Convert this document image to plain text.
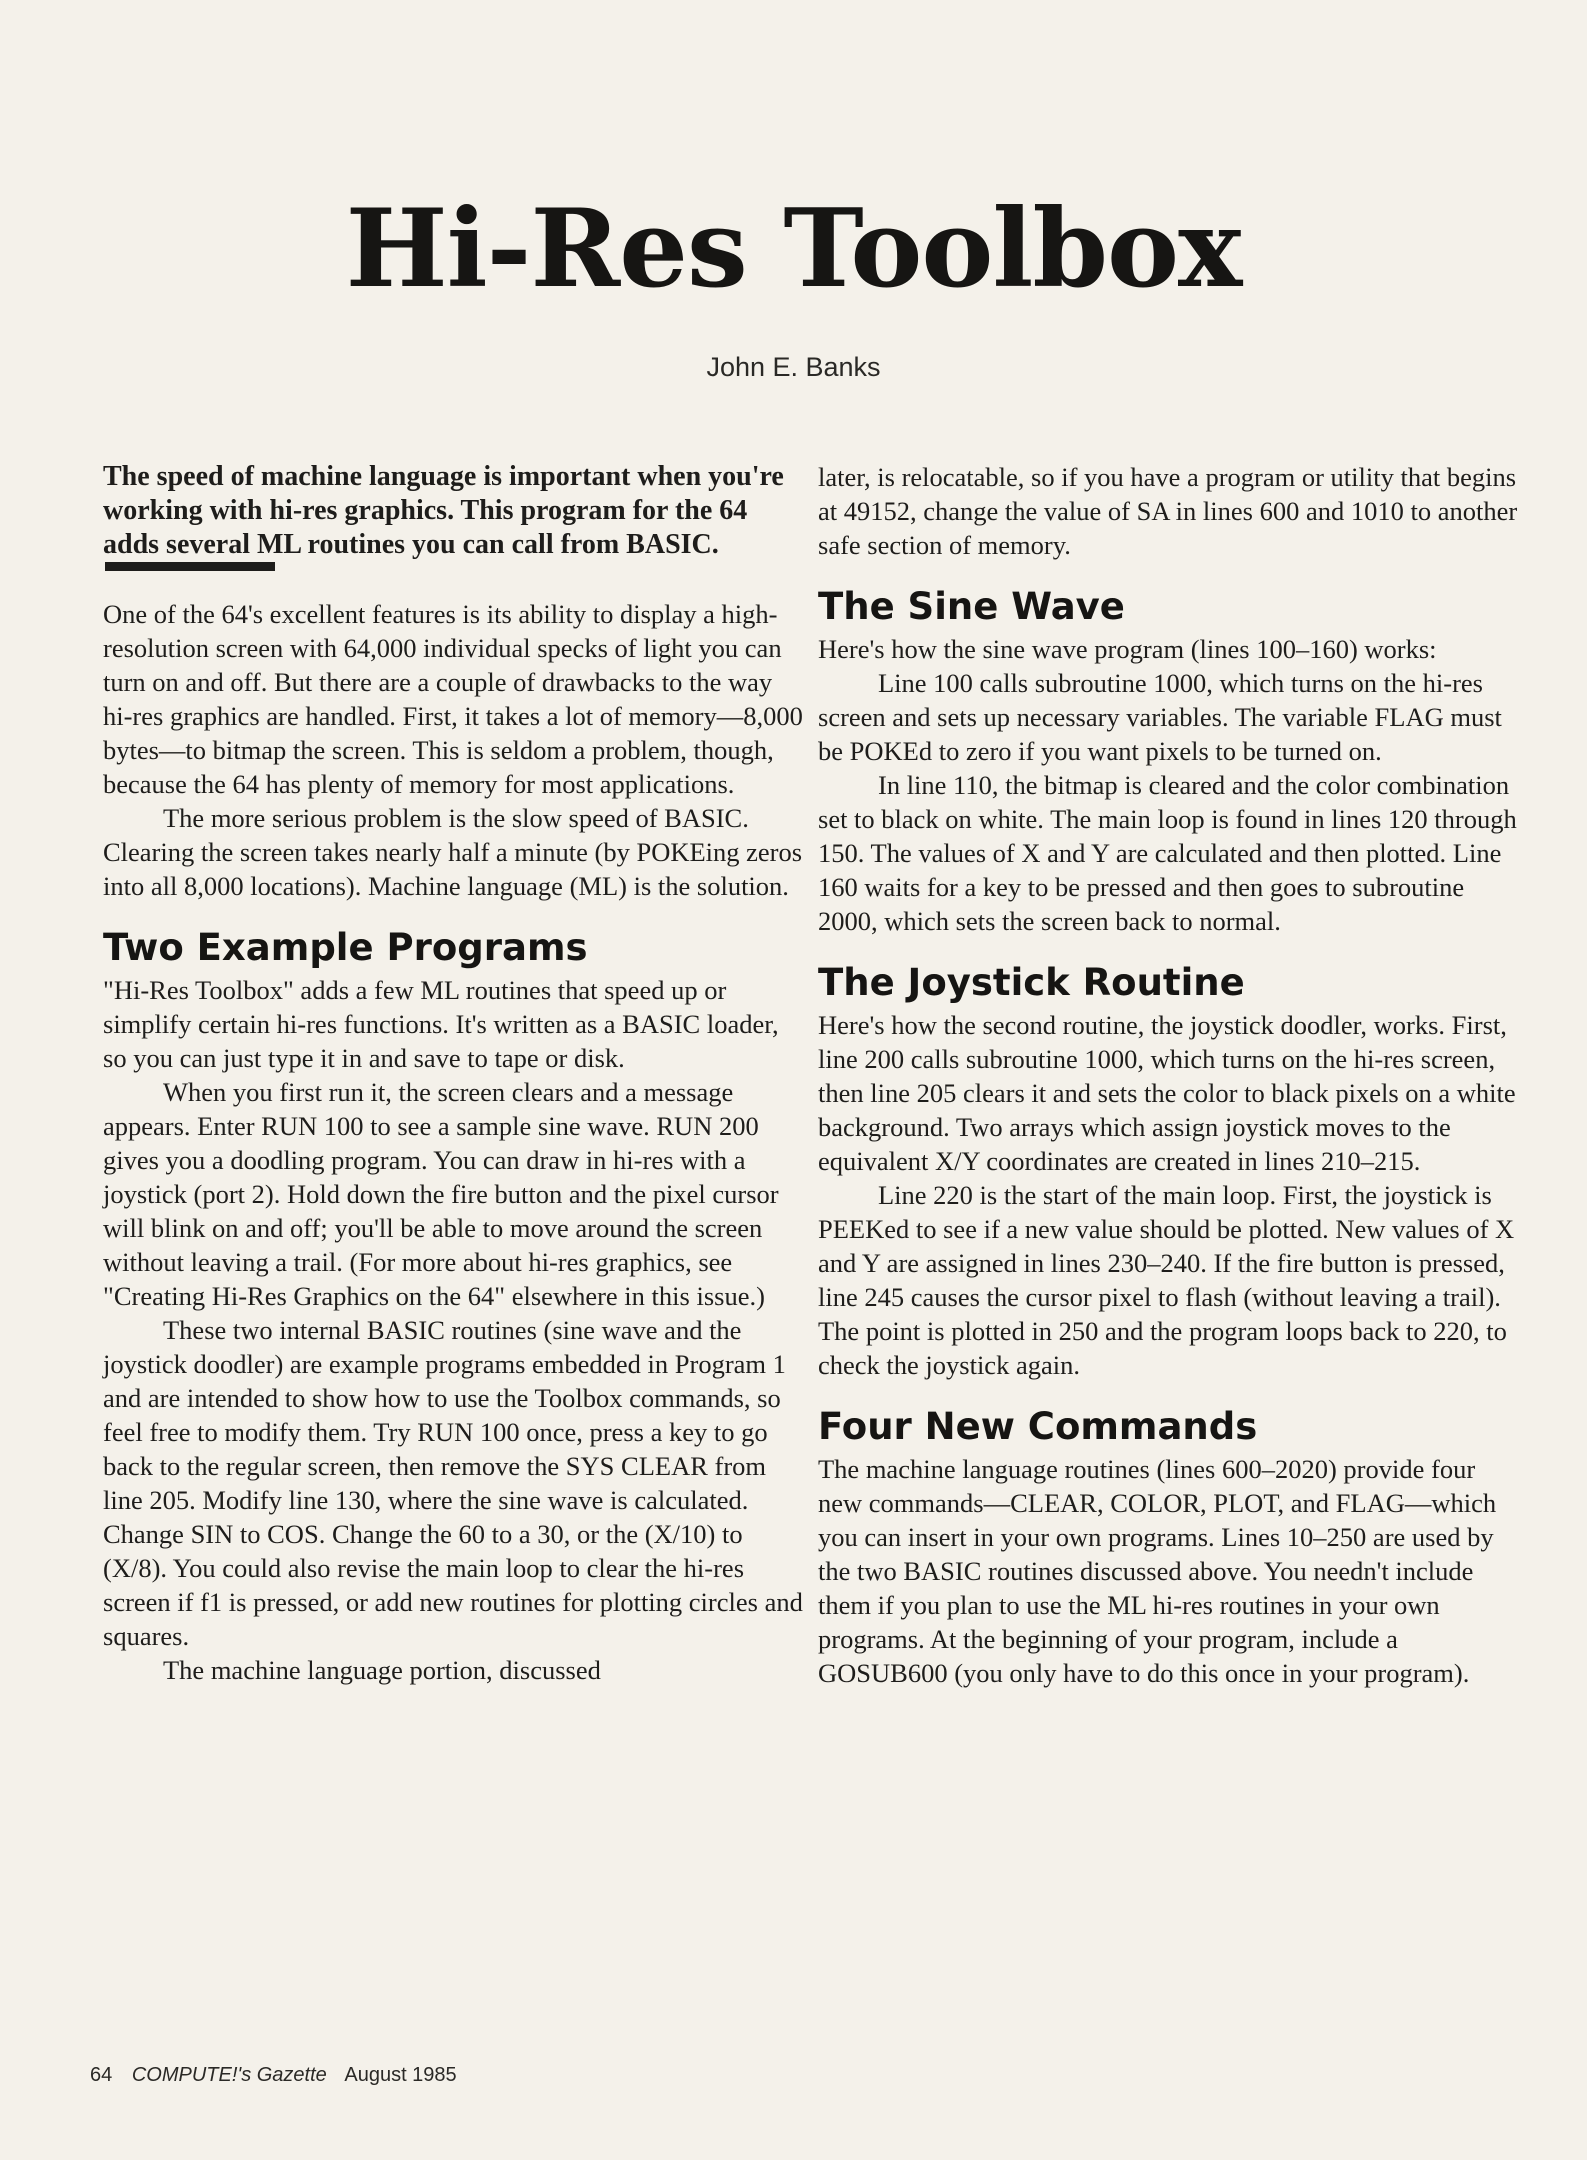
Hi-Res Toolbox
John E. Banks

The speed of machine language is important when you're working with hi-res graphics. This program for the 64 adds several ML routines you can call from BASIC.

One of the 64's excellent features is its ability to display a high-resolution screen with 64,000 individual specks of light you can turn on and off. But there are a couple of drawbacks to the way hi-res graphics are handled. First, it takes a lot of memory—8,000 bytes—to bitmap the screen. This is seldom a problem, though, because the 64 has plenty of memory for most applications.

The more serious problem is the slow speed of BASIC. Clearing the screen takes nearly half a minute (by POKEing zeros into all 8,000 locations). Machine language (ML) is the solution.

Two Example Programs

"Hi-Res Toolbox" adds a few ML routines that speed up or simplify certain hi-res functions. It's written as a BASIC loader, so you can just type it in and save to tape or disk.

When you first run it, the screen clears and a message appears. Enter RUN 100 to see a sample sine wave. RUN 200 gives you a doodling program. You can draw in hi-res with a joystick (port 2). Hold down the fire button and the pixel cursor will blink on and off; you'll be able to move around the screen without leaving a trail. (For more about hi-res graphics, see "Creating Hi-Res Graphics on the 64" elsewhere in this issue.)

These two internal BASIC routines (sine wave and the joystick doodler) are example programs embedded in Program 1 and are intended to show how to use the Toolbox commands, so feel free to modify them. Try RUN 100 once, press a key to go back to the regular screen, then remove the SYS CLEAR from line 205. Modify line 130, where the sine wave is calculated. Change SIN to COS. Change the 60 to a 30, or the (X/10) to (X/8). You could also revise the main loop to clear the hi-res screen if f1 is pressed, or add new routines for plotting circles and squares.

The machine language portion, discussed

later, is relocatable, so if you have a program or utility that begins at 49152, change the value of SA in lines 600 and 1010 to another safe section of memory.

The Sine Wave

Here's how the sine wave program (lines 100–160) works:

Line 100 calls subroutine 1000, which turns on the hi-res screen and sets up necessary variables. The variable FLAG must be POKEd to zero if you want pixels to be turned on.

In line 110, the bitmap is cleared and the color combination set to black on white. The main loop is found in lines 120 through 150. The values of X and Y are calculated and then plotted. Line 160 waits for a key to be pressed and then goes to subroutine 2000, which sets the screen back to normal.

The Joystick Routine

Here's how the second routine, the joystick doodler, works. First, line 200 calls subroutine 1000, which turns on the hi-res screen, then line 205 clears it and sets the color to black pixels on a white background. Two arrays which assign joystick moves to the equivalent X/Y coordinates are created in lines 210–215.

Line 220 is the start of the main loop. First, the joystick is PEEKed to see if a new value should be plotted. New values of X and Y are assigned in lines 230–240. If the fire button is pressed, line 245 causes the cursor pixel to flash (without leaving a trail). The point is plotted in 250 and the program loops back to 220, to check the joystick again.

Four New Commands

The machine language routines (lines 600–2020) provide four new commands—CLEAR, COLOR, PLOT, and FLAG—which you can insert in your own programs. Lines 10–250 are used by the two BASIC routines discussed above. You needn't include them if you plan to use the ML hi-res routines in your own programs. At the beginning of your program, include a GOSUB600 (you only have to do this once in your program).

64 COMPUTE!'s Gazette August 1985
